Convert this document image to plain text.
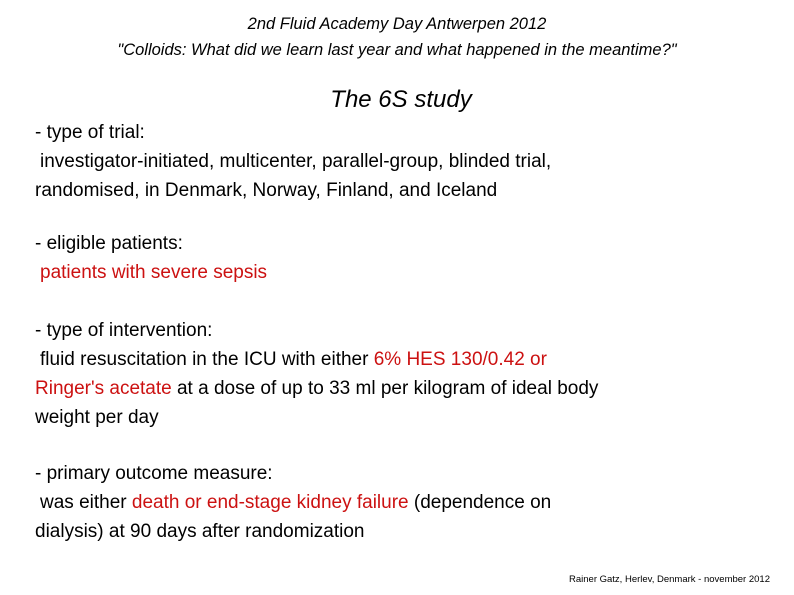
2nd Fluid Academy Day Antwerpen 2012
"Colloids: What did we learn last year and what happened in the meantime?"
The 6S study
- type of trial:
investigator-initiated, multicenter, parallel-group, blinded trial,
randomised, in Denmark, Norway, Finland, and Iceland
- eligible patients:
patients with severe sepsis
- type of intervention:
fluid resuscitation in the ICU with either 6% HES 130/0.42 or
Ringer's acetate at a dose of up to 33 ml per kilogram of ideal body
weight per day
- primary outcome measure:
was either death or end-stage kidney failure (dependence on
dialysis) at 90 days after randomization
Rainer Gatz, Herlev, Denmark - november 2012
